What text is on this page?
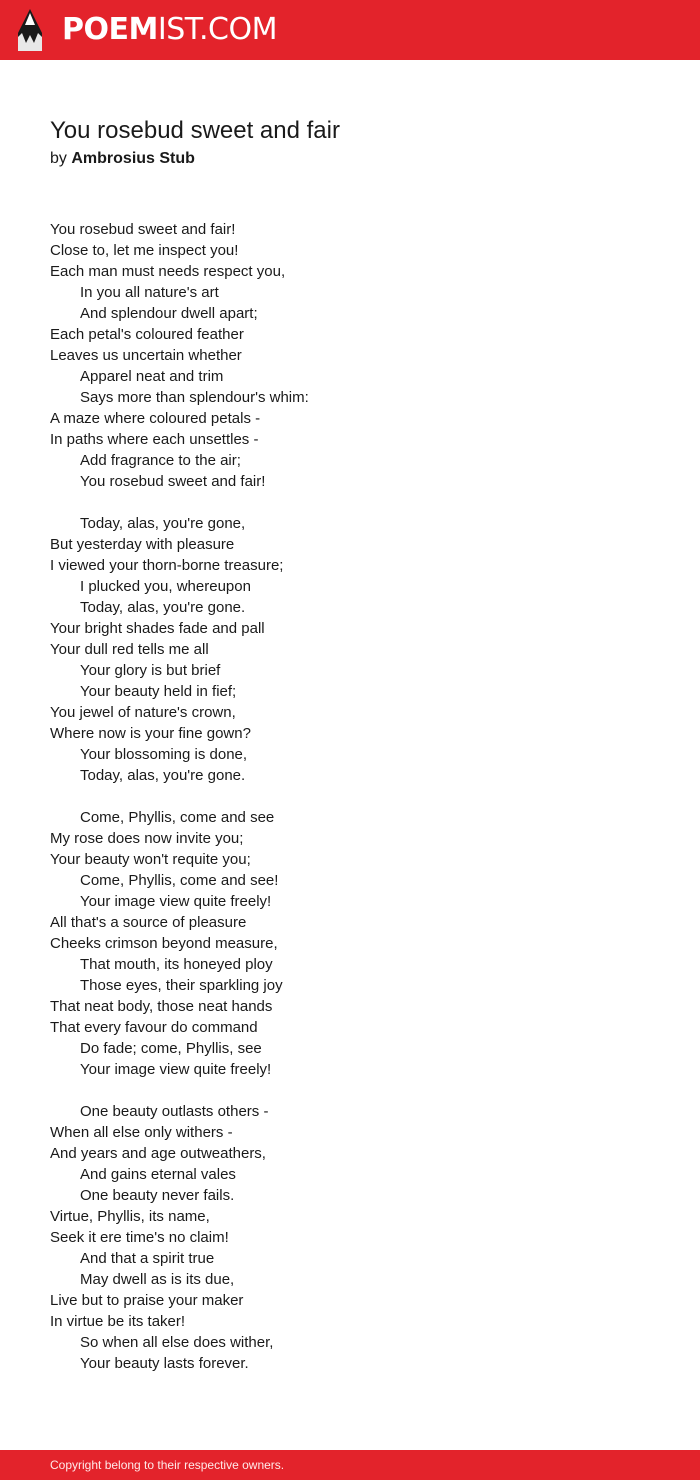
POEMIST.COM
You rosebud sweet and fair
by Ambrosius Stub
You rosebud sweet and fair!
Close to, let me inspect you!
Each man must needs respect you,
In you all nature's art
And splendour dwell apart;
Each petal's coloured feather
Leaves us uncertain whether
Apparel neat and trim
Says more than splendour's whim:
A maze where coloured petals -
In paths where each unsettles -
Add fragrance to the air;
You rosebud sweet and fair!
Today, alas, you're gone,
But yesterday with pleasure
I viewed your thorn-borne treasure;
I plucked you, whereupon
Today, alas, you're gone.
Your bright shades fade and pall
Your dull red tells me all
Your glory is but brief
Your beauty held in fief;
You jewel of nature's crown,
Where now is your fine gown?
Your blossoming is done,
Today, alas, you're gone.
Come, Phyllis, come and see
My rose does now invite you;
Your beauty won't requite you;
Come, Phyllis, come and see!
Your image view quite freely!
All that's a source of pleasure
Cheeks crimson beyond measure,
That mouth, its honeyed ploy
Those eyes, their sparkling joy
That neat body, those neat hands
That every favour do command
Do fade; come, Phyllis, see
Your image view quite freely!
One beauty outlasts others -
When all else only withers -
And years and age outweathers,
And gains eternal vales
One beauty never fails.
Virtue, Phyllis, its name,
Seek it ere time's no claim!
And that a spirit true
May dwell as is its due,
Live but to praise your maker
In virtue be its taker!
So when all else does wither,
Your beauty lasts forever.
Copyright belong to their respective owners.
